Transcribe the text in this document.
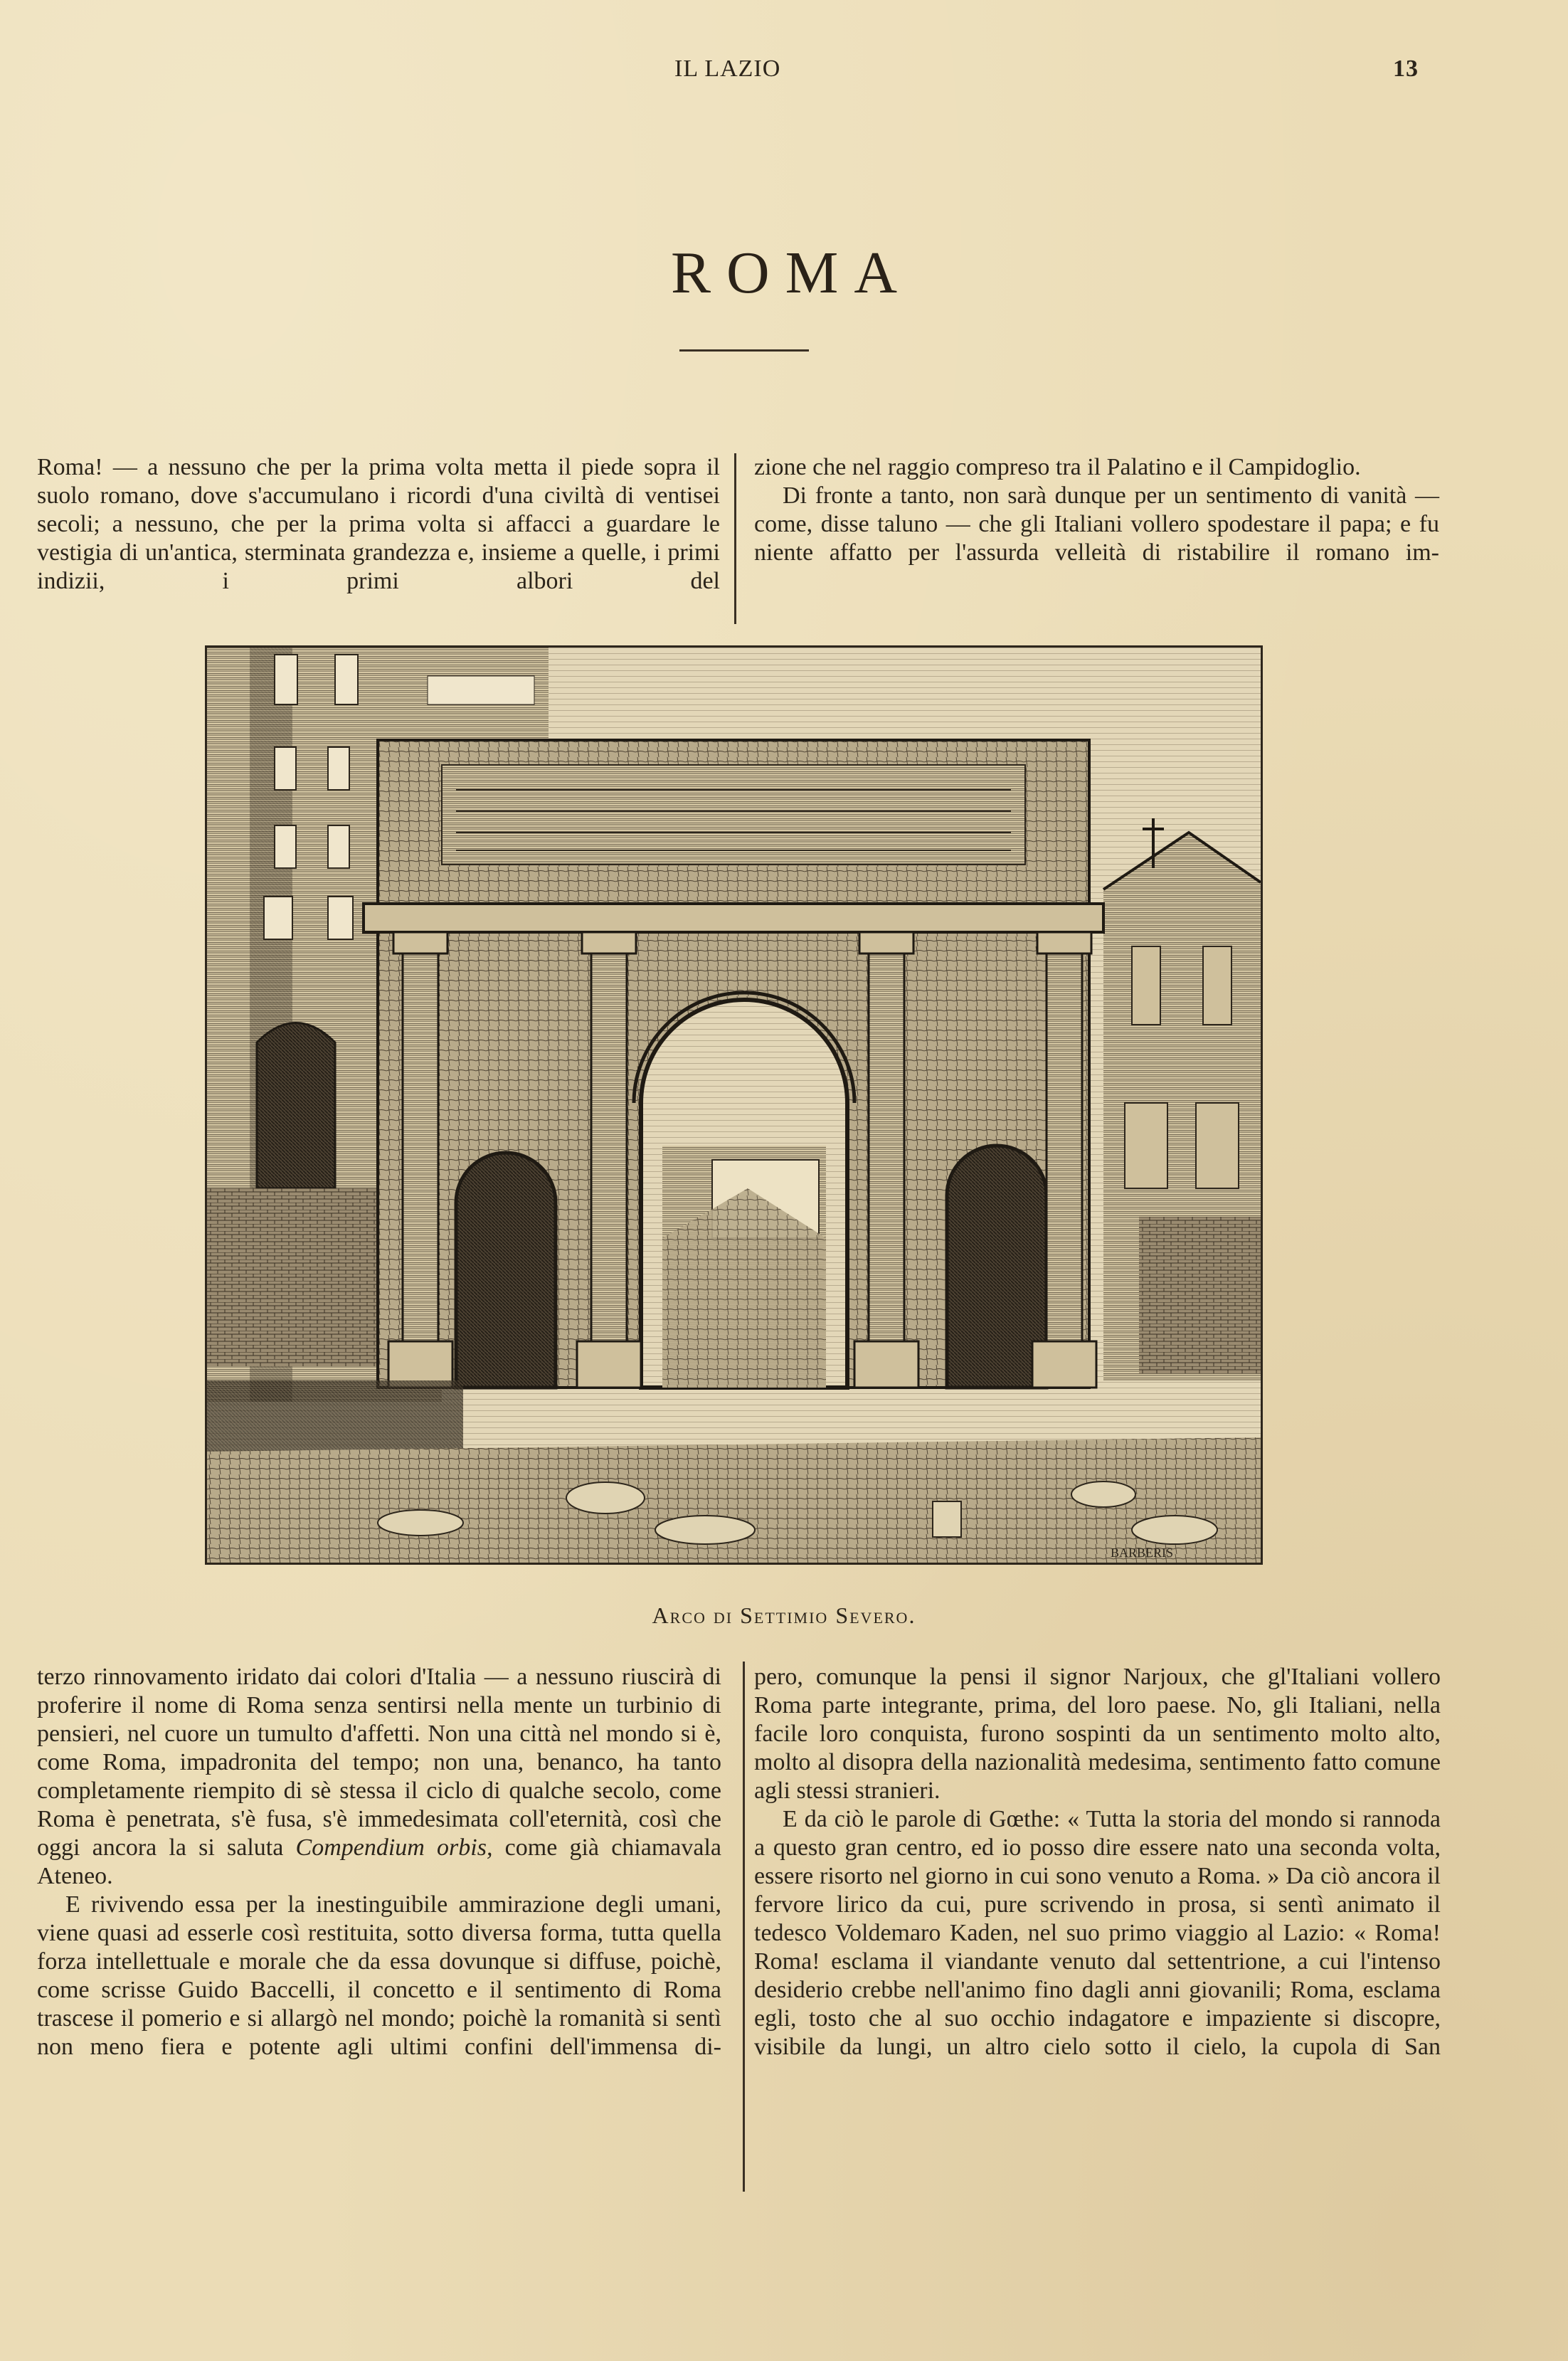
IL LAZIO	13
ROMA

Roma! — a nessuno che per la prima volta metta il piede sopra il suolo romano, dove s'accumulano i ricordi d'una civiltà di ventisei secoli; a nessuno, che per la prima volta si affacci a guardare le vestigia di un'antica, sterminata grandezza e, insieme a quelle, i primi indizii, i primi albori del

zione che nel raggio compreso tra il Palatino e il Campidoglio.

Di fronte a tanto, non sarà dunque per un sentimento di vanità — come, disse taluno — che gli Italiani vollero spodestare il papa; e fu niente affatto per l'assurda velleità di ristabilire il romano im-

BARBERIS
Arco di Settimio Severo.

terzo rinnovamento iridato dai colori d'Italia — a nessuno riuscirà di proferire il nome di Roma senza sentirsi nella mente un turbinio di pensieri, nel cuore un tumulto d'affetti. Non una città nel mondo si è, come Roma, impadronita del tempo; non una, benanco, ha tanto completamente riempito di sè stessa il ciclo di qualche secolo, come Roma è penetrata, s'è fusa, s'è immedesimata coll'eternità, così che oggi ancora la si saluta Compendium orbis, come già chiamavala Ateneo.

E rivivendo essa per la inestinguibile ammirazione degli umani, viene quasi ad esserle così restituita, sotto diversa forma, tutta quella forza intellettuale e morale che da essa dovunque si diffuse, poichè, come scrisse Guido Baccelli, il concetto e il sentimento di Roma trascese il pomerio e si allargò nel mondo; poichè la romanità si sentì non meno fiera e potente agli ultimi confini dell'immensa di-

pero, comunque la pensi il signor Narjoux, che gl'Italiani vollero Roma parte integrante, prima, del loro paese. No, gli Italiani, nella facile loro conquista, furono sospinti da un sentimento molto alto, molto al disopra della nazionalità medesima, sentimento fatto comune agli stessi stranieri.

E da ciò le parole di Gœthe: « Tutta la storia del mondo si rannoda a questo gran centro, ed io posso dire essere nato una seconda volta, essere risorto nel giorno in cui sono venuto a Roma. » Da ciò ancora il fervore lirico da cui, pure scrivendo in prosa, si sentì animato il tedesco Voldemaro Kaden, nel suo primo viaggio al Lazio: « Roma! Roma! esclama il viandante venuto dal settentrione, a cui l'intenso desiderio crebbe nell'animo fino dagli anni giovanili; Roma, esclama egli, tosto che al suo occhio indagatore e impaziente si discopre, visibile da lungi, un altro cielo sotto il cielo, la cupola di San
